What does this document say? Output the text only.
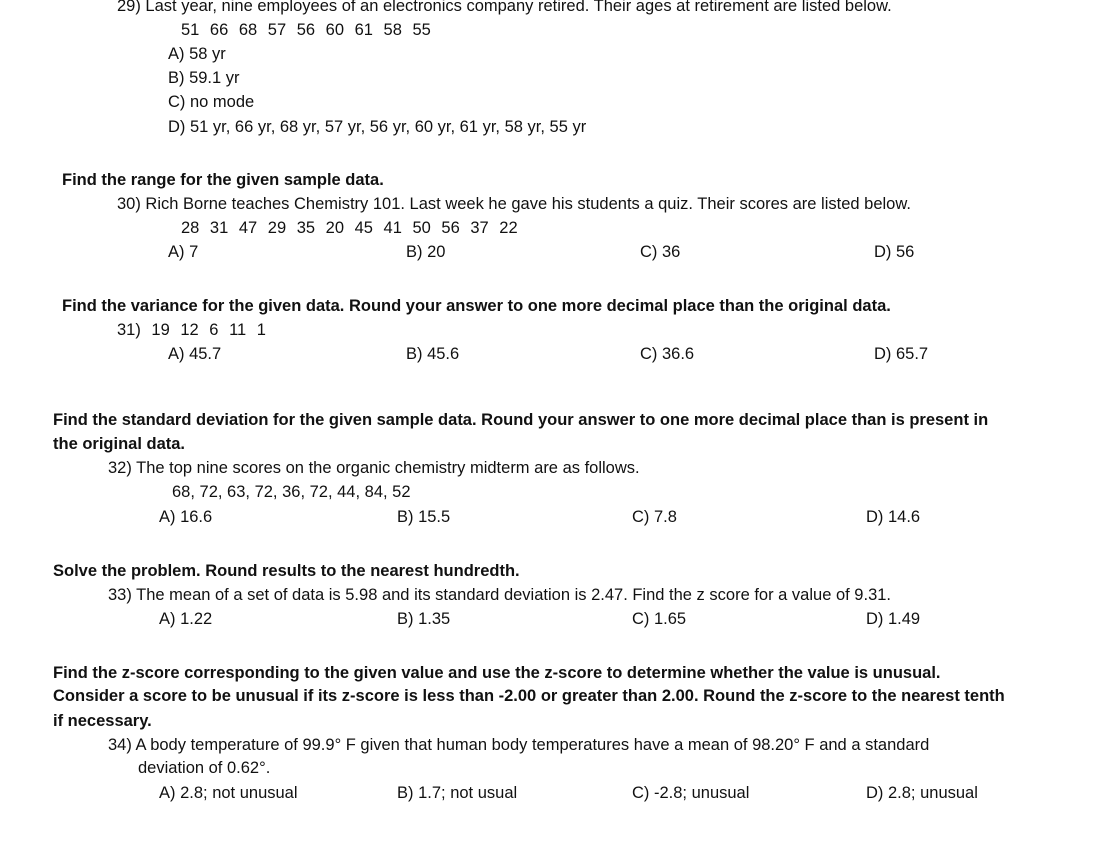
29) Last year, nine employees of an electronics company retired. Their ages at retirement are listed below.
51 66 68 57 56 60 61 58 55
A) 58 yr
B) 59.1 yr
C) no mode
D) 51 yr, 66 yr, 68 yr, 57 yr, 56 yr, 60 yr, 61 yr, 58 yr, 55 yr
Find the range for the given sample data.
30) Rich Borne teaches Chemistry 101. Last week he gave his students a quiz. Their scores are listed below.
28 31 47 29 35 20 45 41 50 56 37 22
A) 7	B) 20	C) 36	D) 56
Find the variance for the given data. Round your answer to one more decimal place than the original data.
31) 19 12 6 11 1
A) 45.7	B) 45.6	C) 36.6	D) 65.7
Find the standard deviation for the given sample data. Round your answer to one more decimal place than is present in
the original data.
32) The top nine scores on the organic chemistry midterm are as follows.
68, 72, 63, 72, 36, 72, 44, 84, 52
A) 16.6	B) 15.5	C) 7.8	D) 14.6
Solve the problem. Round results to the nearest hundredth.
33) The mean of a set of data is 5.98 and its standard deviation is 2.47. Find the z score for a value of 9.31.
A) 1.22	B) 1.35	C) 1.65	D) 1.49
Find the z-score corresponding to the given value and use the z-score to determine whether the value is unusual.
Consider a score to be unusual if its z-score is less than -2.00 or greater than 2.00. Round the z-score to the nearest tenth
if necessary.
34) A body temperature of 99.9° F given that human body temperatures have a mean of 98.20° F and a standard
deviation of 0.62°.
A) 2.8; not unusual	B) 1.7; not usual	C) -2.8; unusual	D) 2.8; unusual
